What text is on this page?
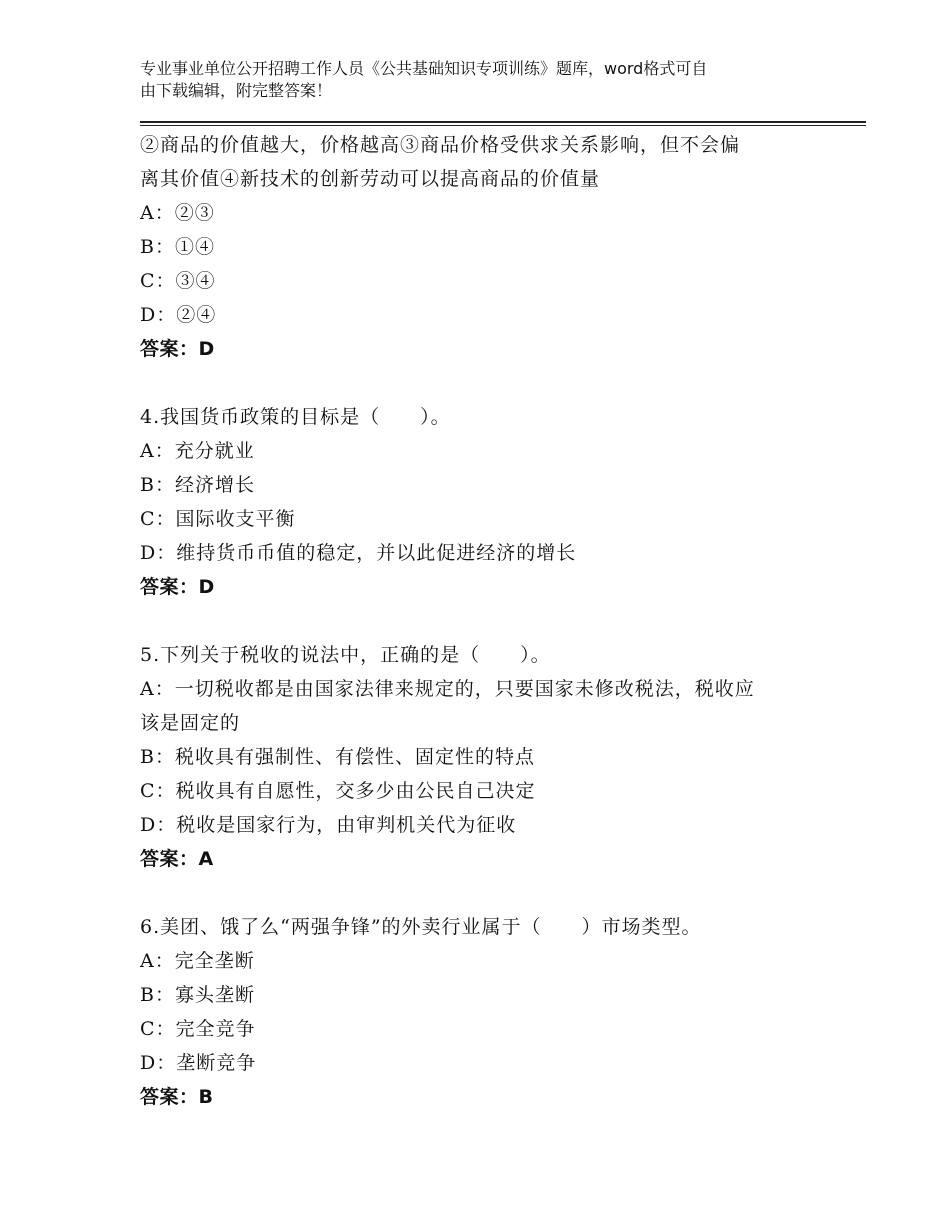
专业事业单位公开招聘工作人员《公共基础知识专项训练》题库，word格式可自
由下载编辑，附完整答案！
②商品的价值越大，价格越高③商品价格受供求关系影响，但不会偏
离其价值④新技术的创新劳动可以提高商品的价值量
A：②③
B：①④
C：③④
D：②④
答案：D
4.我国货币政策的目标是（　　）。
A：充分就业
B：经济增长
C：国际收支平衡
D：维持货币币值的稳定，并以此促进经济的增长
答案：D
5.下列关于税收的说法中，正确的是（　　）。
A：一切税收都是由国家法律来规定的，只要国家未修改税法，税收应
该是固定的
B：税收具有强制性、有偿性、固定性的特点
C：税收具有自愿性，交多少由公民自己决定
D：税收是国家行为，由审判机关代为征收
答案：A
6.美团、饿了么“两强争锋”的外卖行业属于（　　）市场类型。
A：完全垄断
B：寡头垄断
C：完全竞争
D：垄断竞争
答案：B
